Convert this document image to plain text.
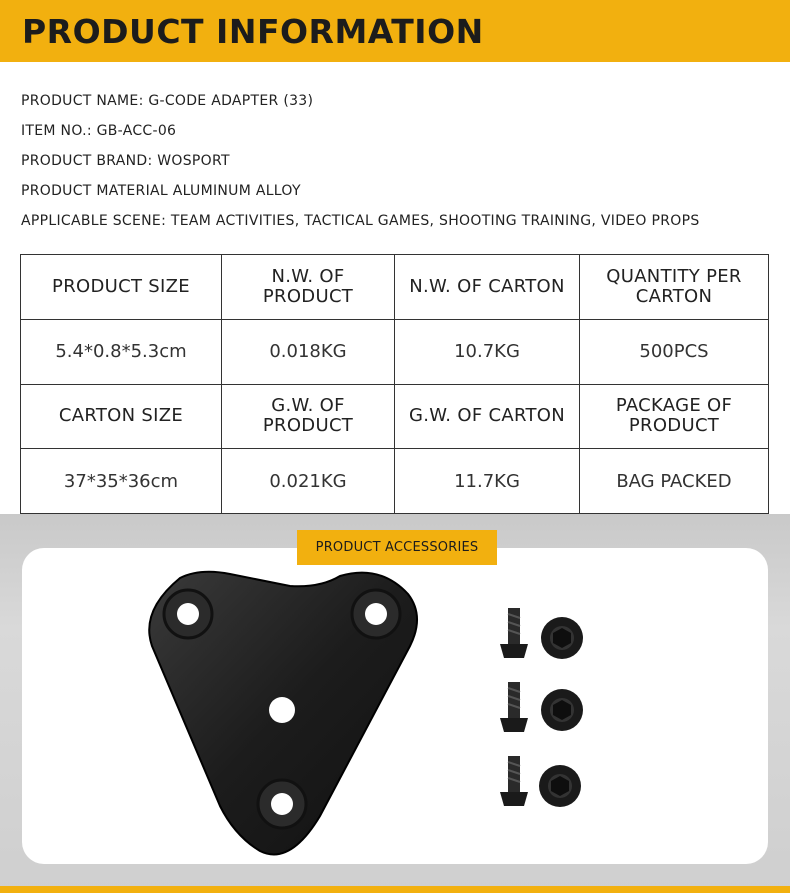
PRODUCT INFORMATION
PRODUCT NAME: G-CODE ADAPTER (33)
ITEM NO.: GB-ACC-06
PRODUCT BRAND: WOSPORT
PRODUCT MATERIAL ALUMINUM ALLOY
APPLICABLE SCENE: TEAM ACTIVITIES, TACTICAL GAMES, SHOOTING TRAINING, VIDEO PROPS
PRODUCT SIZE	N.W. OF PRODUCT	N.W. OF CARTON	QUANTITY PER CARTON
5.4*0.8*5.3cm	0.018KG	10.7KG	500PCS
CARTON SIZE	G.W. OF PRODUCT	G.W. OF CARTON	PACKAGE OF PRODUCT
37*35*36cm	0.021KG	11.7KG	BAG PACKED
PRODUCT ACCESSORIES
